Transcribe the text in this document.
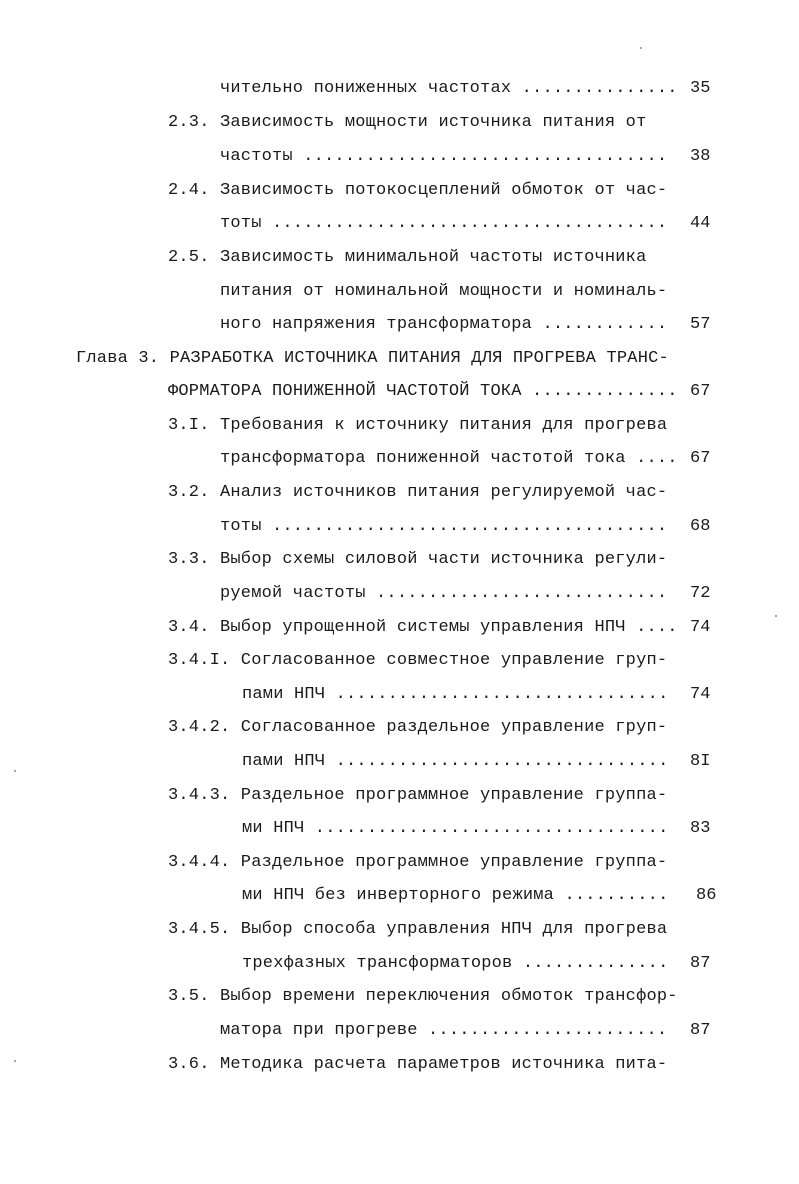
чительно пониженных частотах ............... 35
2.3. Зависимость мощности источника питания от
частоты ................................... 38
2.4. Зависимость потокосцеплений обмоток от час-
тоты ...................................... 44
2.5. Зависимость минимальной частоты источника
питания от номинальной мощности и номиналь-
ного напряжения трансформатора ............ 57
Глава 3. РАЗРАБОТКА ИСТОЧНИКА ПИТАНИЯ ДЛЯ ПРОГРЕВА ТРАНС-
ФОРМАТОРА ПОНИЖЕННОЙ ЧАСТОТОЙ ТОКА .............. 67
3.I. Требования к источнику питания для прогрева
трансформатора пониженной частотой тока .... 67
3.2. Анализ источников питания регулируемой час-
тоты ...................................... 68
3.3. Выбор схемы силовой части источника регули-
руемой частоты ............................ 72
3.4. Выбор упрощенной системы управления НПЧ .... 74
3.4.I. Согласованное совместное управление груп-
пами НПЧ ................................ 74
3.4.2. Согласованное раздельное управление груп-
пами НПЧ ................................ 8I
3.4.3. Раздельное программное управление группа-
ми НПЧ .................................. 83
3.4.4. Раздельное программное управление группа-
ми НПЧ без инверторного режима .......... 86
3.4.5. Выбор способа управления НПЧ для прогрева
трехфазных трансформаторов .............. 87
3.5. Выбор времени переключения обмоток трансфор-
матора при прогреве ....................... 87
3.6. Методика расчета параметров источника пита-
